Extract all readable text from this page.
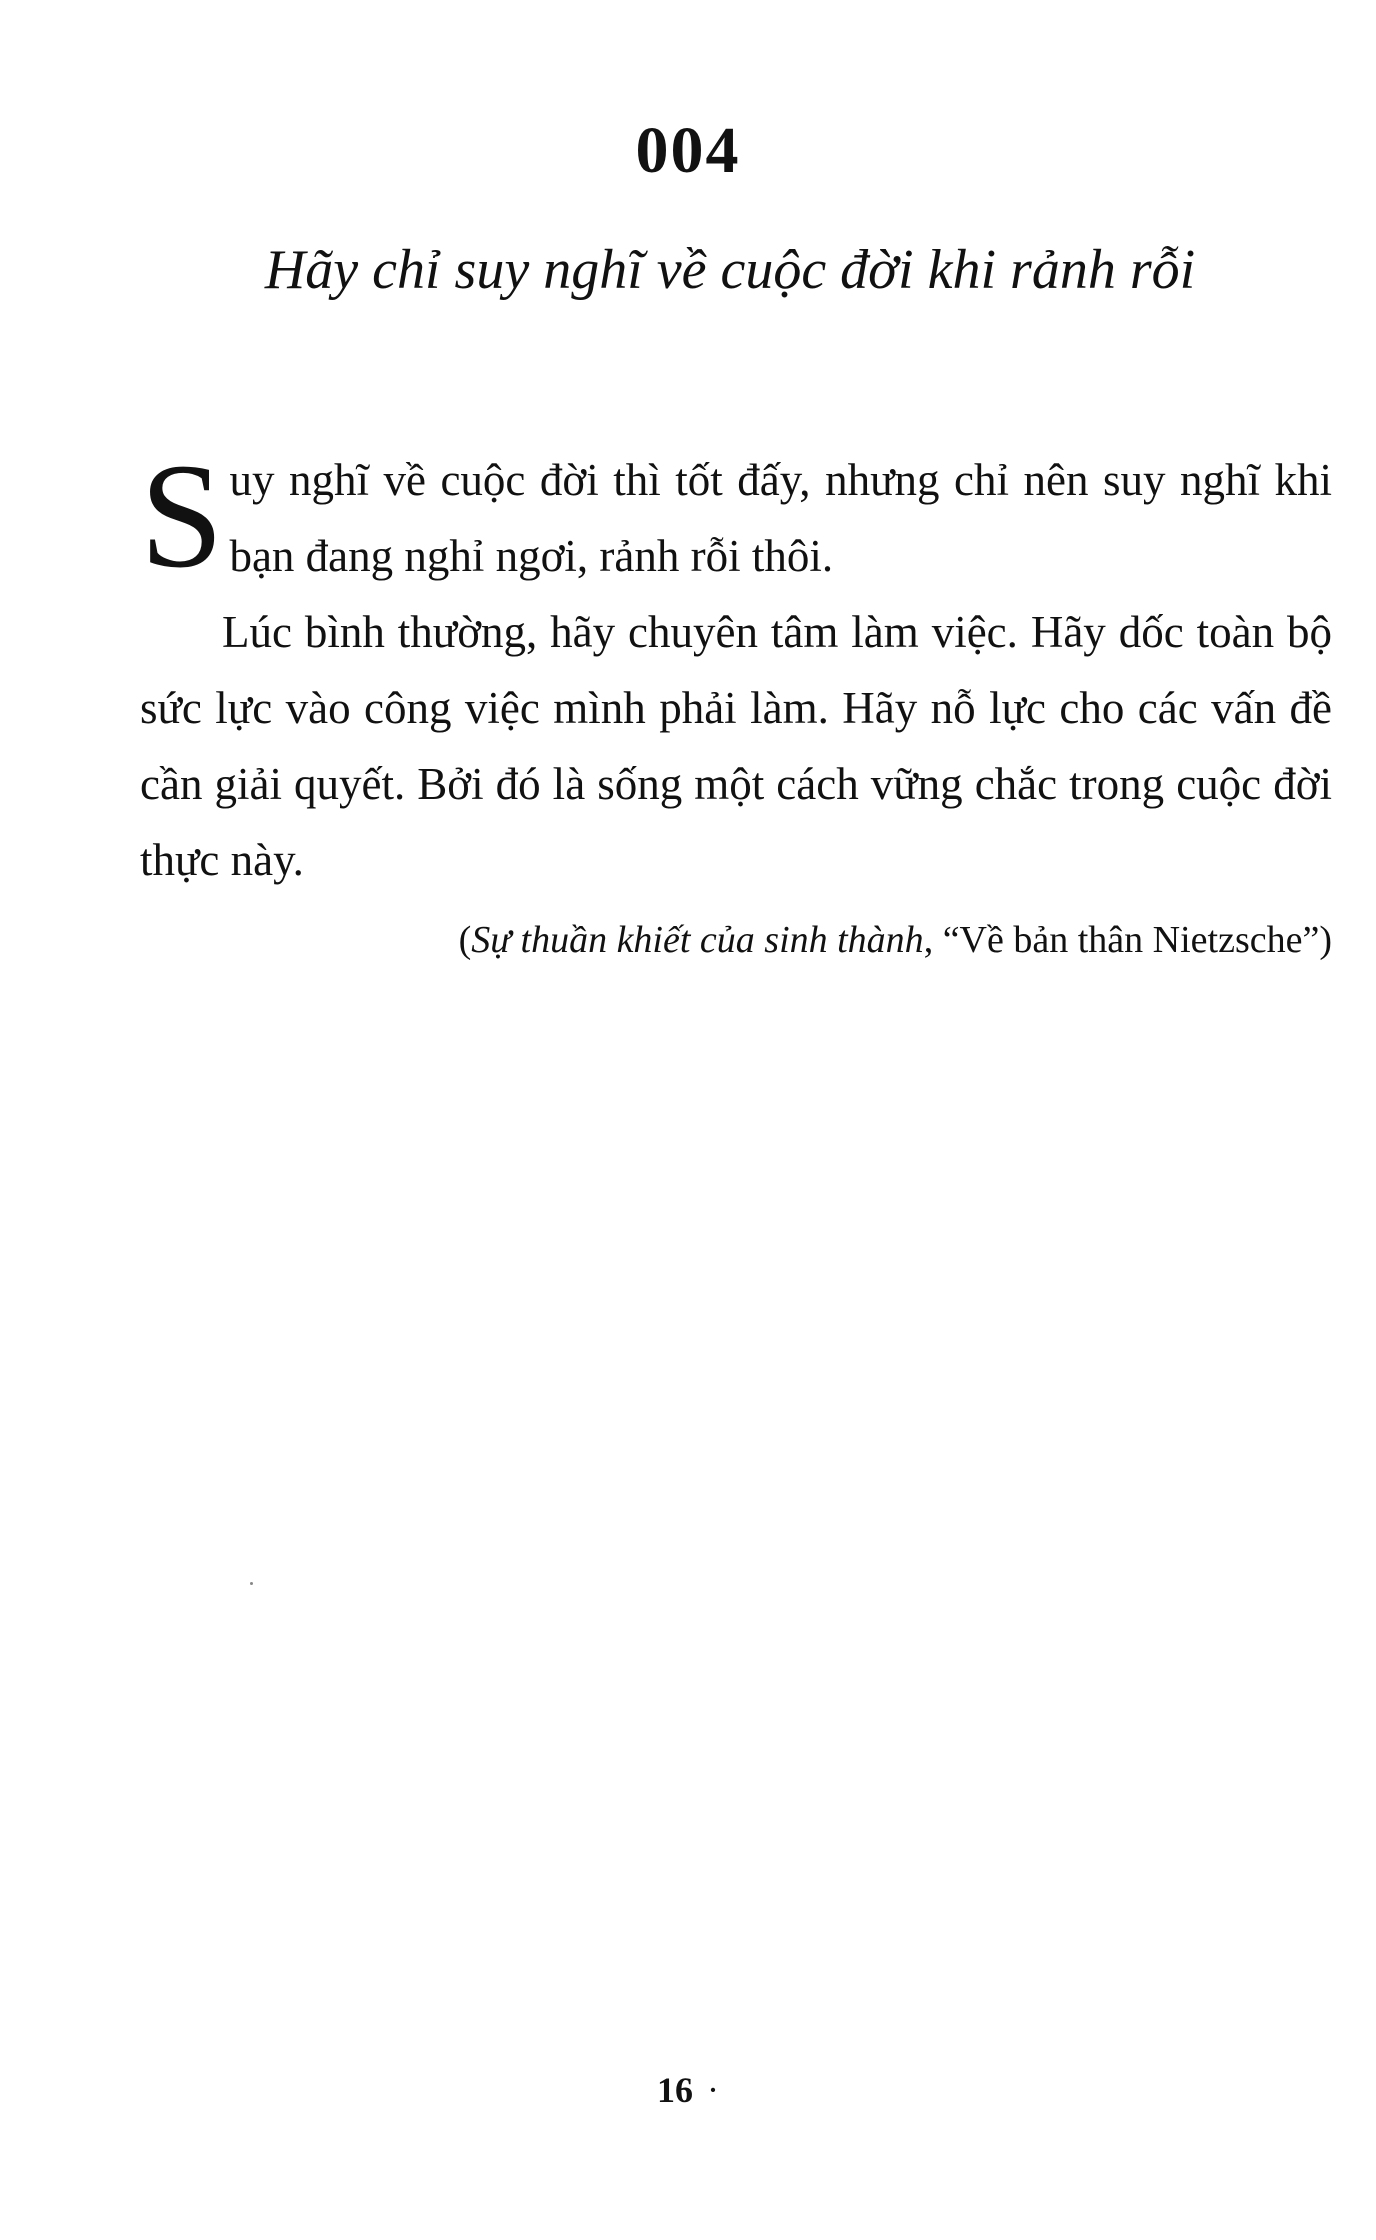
004
Hãy chỉ suy nghĩ về cuộc đời khi rảnh rỗi

S uy nghĩ về cuộc đời thì tốt đấy, nhưng chỉ nên suy nghĩ khi bạn đang nghỉ ngơi, rảnh rỗi thôi.

Lúc bình thường, hãy chuyên tâm làm việc. Hãy dốc toàn bộ sức lực vào công việc mình phải làm. Hãy nỗ lực cho các vấn đề cần giải quyết. Bởi đó là sống một cách vững chắc trong cuộc đời thực này.

(Sự thuần khiết của sinh thành, “Về bản thân Nietzsche”)
16 ·
